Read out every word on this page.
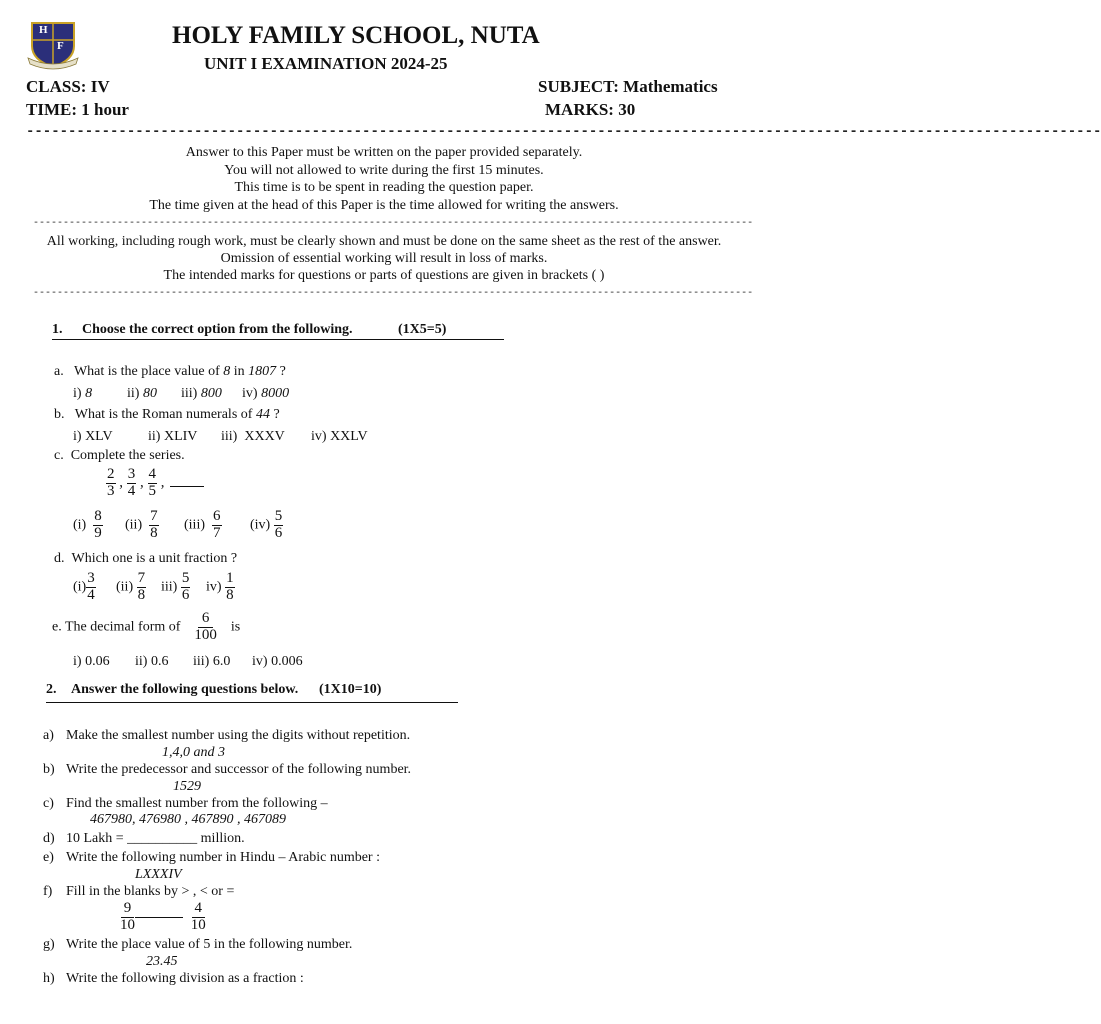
H
F	HOLY FAMILY SCHOOL, NUTA
UNIT I EXAMINATION 2024-25
CLASS: IV	SUBJECT: Mathematics
TIME: 1 hour	MARKS: 30
--------------------------------------------------------------------------------------------------------------------------------
Answer to this Paper must be written on the paper provided separately.
You will not allowed to write during the first 15 minutes.
This time is to be spent in reading the question paper.
The time given at the head of this Paper is the time allowed for writing the answers.
------------------------------------------------------------------------------------------------------------------------
All working, including rough work, must be clearly shown and must be done on the same sheet as the rest of the answer.
Omission of essential working will result in loss of marks.
The intended marks for questions or parts of questions are given in brackets ( )
------------------------------------------------------------------------------------------------------------------------
1. Choose the correct option from the following.	(1X5=5)
a. What is the place value of 8 in 1807 ?
i) 8 ii) 80 iii) 800 iv) 8000
b. What is the Roman numerals of 44 ?
i) XLV	ii) XLIV iii) XXXV iv) XXLV
c. Complete the series.
$\frac{2}{3}$ , $\frac{3}{4}$ , $\frac{4}{5}$ ,
$(i) \frac{8}{9} (ii) \frac{7}{8} (iii) \frac{6}{7} (iv) \frac{5}{6}$
d. Which one is a unit fraction ?
$(i) \frac{3}{4} (ii) \frac{7}{8} iii) \frac{5}{6} iv) \frac{1}{8}$
e. The decimal form of $\frac{6}{100}$ is
i) 0.06 ii) 0.6 iii) 6.0 iv) 0.006
2. Answer the following questions below. (1X10=10)
a) Make the smallest number using the digits without repetition.
1,4,0 and 3
b) Write the predecessor and successor of the following number.
1529
c) Find the smallest number from the following –
467980, 476980 , 467890 , 467089
d) 10 Lakh = __________ million.
e) Write the following number in Hindu – Arabic number :
LXXXIV
f) Fill in the blanks by > , < or =
$\frac{9}{10}$
	$\frac{4}{10}$
g) Write the place value of 5 in the following number.
23.45
h) Write the following division as a fraction :
